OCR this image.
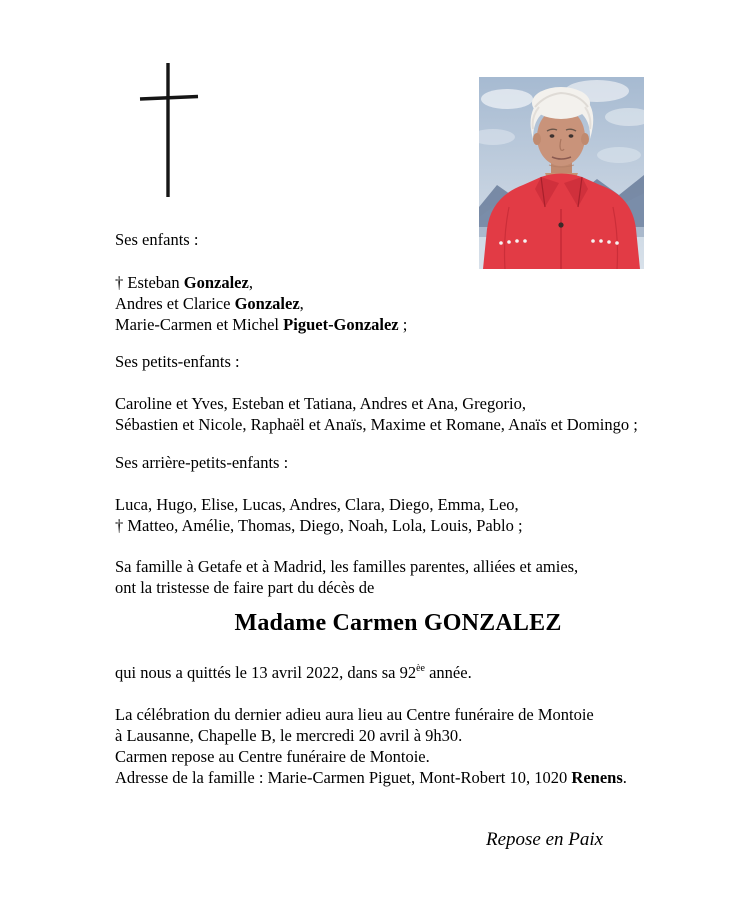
Ses enfants :
† Esteban Gonzalez,
Andres et Clarice Gonzalez,
Marie-Carmen et Michel Piguet-Gonzalez ;
Ses petits-enfants :
Caroline et Yves, Esteban et Tatiana, Andres et Ana, Gregorio,
Sébastien et Nicole, Raphaël et Anaïs, Maxime et Romane, Anaïs et Domingo ;
Ses arrière-petits-enfants :
Luca, Hugo, Elise, Lucas, Andres, Clara, Diego, Emma, Leo,
† Matteo, Amélie, Thomas, Diego, Noah, Lola, Louis, Pablo ;
Sa famille à Getafe et à Madrid, les familles parentes, alliées et amies,
ont la tristesse de faire part du décès de
Madame Carmen GONZALEZ
qui nous a quittés le 13 avril 2022, dans sa $92^{èe}$ année.
La célébration du dernier adieu aura lieu au Centre funéraire de Montoie
à Lausanne, Chapelle B, le mercredi 20 avril à 9h30.
Carmen repose au Centre funéraire de Montoie.
Adresse de la famille : Marie-Carmen Piguet, Mont-Robert 10, 1020 Renens.
Repose en Paix
